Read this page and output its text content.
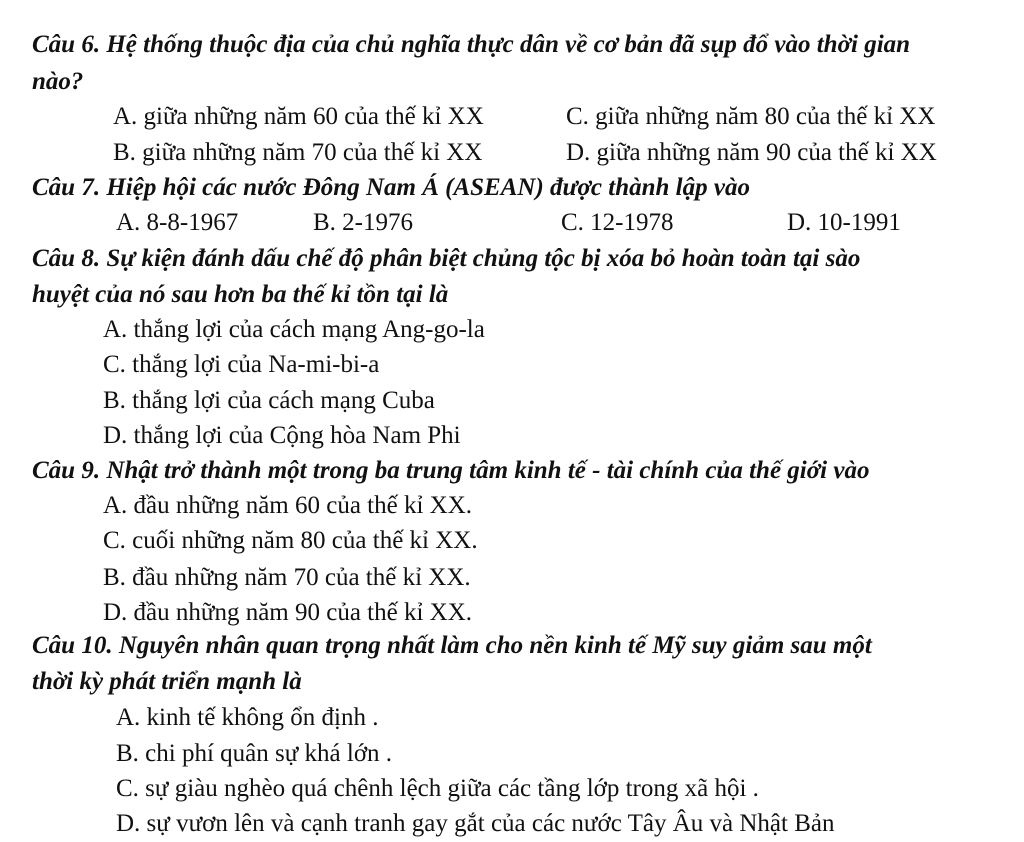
Câu 6. Hệ thống thuộc địa của chủ nghĩa thực dân về cơ bản đã sụp đổ vào thời gian
nào?
A. giữa những năm 60 của thế kỉ XX	C. giữa những năm 80 của thế kỉ XX
B. giữa những năm 70 của thế kỉ XX	D. giữa những năm 90 của thế kỉ XX
Câu 7. Hiệp hội các nước Đông Nam Á (ASEAN) được thành lập vào
A. 8-8-1967	B. 2-1976	C. 12-1978	D. 10-1991
Câu 8. Sự kiện đánh dấu chế độ phân biệt chủng tộc bị xóa bỏ hoàn toàn tại sào
huyệt của nó sau hơn ba thế kỉ tồn tại là
A. thắng lợi của cách mạng Ang-go-la
C. thắng lợi của Na-mi-bi-a
B. thắng lợi của cách mạng Cuba
D. thắng lợi của Cộng hòa Nam Phi
Câu 9. Nhật trở thành một trong ba trung tâm kinh tế - tài chính của thế giới vào
A. đầu những năm 60 của thế kỉ XX.
C. cuối những năm 80 của thế kỉ XX.
B. đầu những năm 70 của thế kỉ XX.
D. đầu những năm 90 của thế kỉ XX.
Câu 10. Nguyên nhân quan trọng nhất làm cho nền kinh tế Mỹ suy giảm sau một
thời kỳ phát triển mạnh là
A. kinh tế không ổn định .
B. chi phí quân sự khá lớn .
C. sự giàu nghèo quá chênh lệch giữa các tầng lớp trong xã hội .
D. sự vươn lên và cạnh tranh gay gắt của các nước Tây Âu và Nhật Bản
